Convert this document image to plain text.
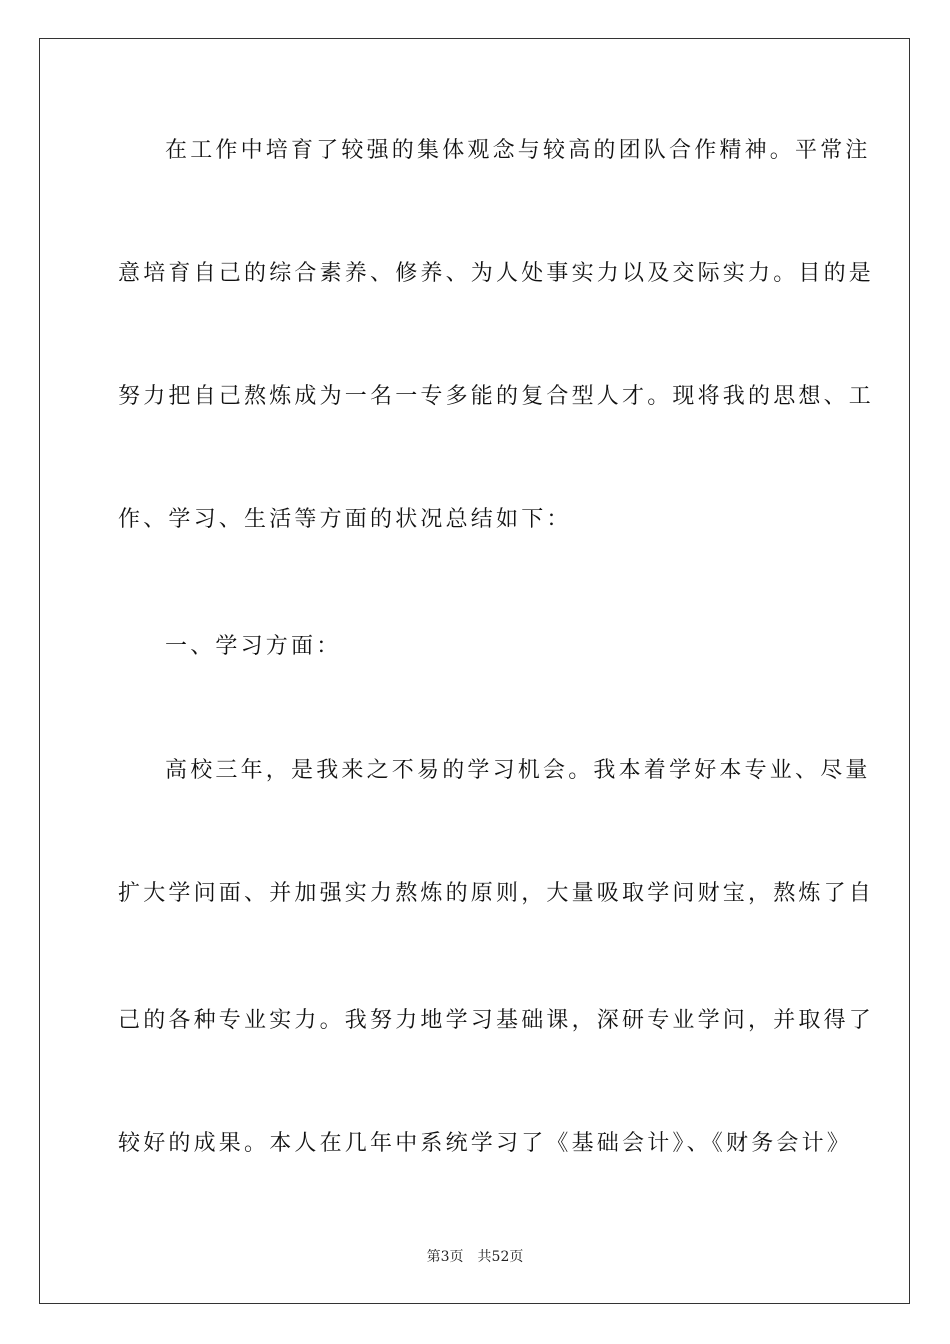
在工作中培育了较强的集体观念与较高的团队合作精神。平常注
意培育自己的综合素养、修养、为人处事实力以及交际实力。目的是
努力把自己熬炼成为一名一专多能的复合型人才。现将我的思想、工
作、学习、生活等方面的状况总结如下：
一、学习方面：
高校三年，是我来之不易的学习机会。我本着学好本专业、尽量
扩大学问面、并加强实力熬炼的原则，大量吸取学问财宝，熬炼了自
己的各种专业实力。我努力地学习基础课，深研专业学问，并取得了
较好的成果。本人在几年中系统学习了《基础会计》、《财务会计》
第3页 共52页
